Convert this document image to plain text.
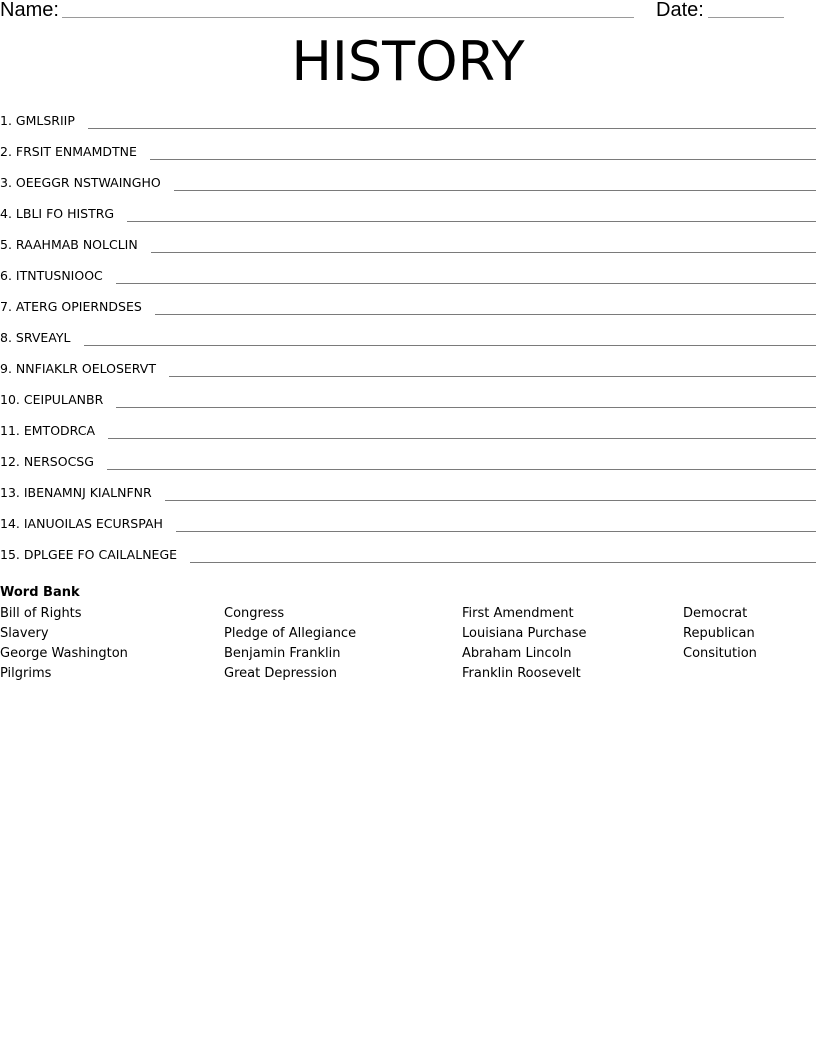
Name:	Date:
HISTORY
1. GMLSRIIP
2. FRSIT ENMAMDTNE
3. OEEGGR NSTWAINGHO
4. LBLI FO HISTRG
5. RAAHMAB NOLCLIN
6. ITNTUSNIOOC
7. ATERG OPIERNDSES
8. SRVEAYL
9. NNFIAKLR OELOSERVT
10. CEIPULANBR
11. EMTODRCA
12. NERSOCSG
13. IBENAMNJ KIALNFNR
14. IANUOILAS ECURSPAH
15. DPLGEE FO CAILALNEGE
Word Bank
Bill of Rights
Slavery
George Washington
Pilgrims
Congress
Pledge of Allegiance
Benjamin Franklin
Great Depression
First Amendment
Louisiana Purchase
Abraham Lincoln
Franklin Roosevelt
Democrat
Republican
Consitution
